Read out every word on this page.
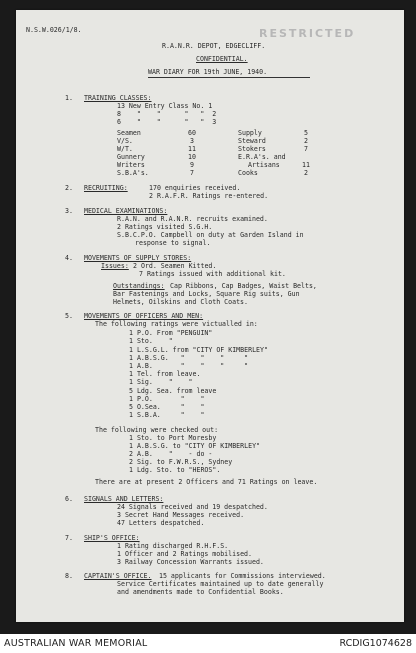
N.S.W.026/1/8.	RESTRICTED
R.A.N.R. DEPOT, EDGECLIFF.
CONFIDENTIAL.
WAR DIARY FOR 19th JUNE, 1940.
1. TRAINING CLASSES:
13 New Entry Class No. 1
8    "    "      "   "  2
6    "    "      "   "  3
Seamen	60	Supply	5
V/S.	3	Steward	2
W/T.	11	Stokers	7
Gunnery	10	E.R.A's. and
Writers	9	Artisans	11
S.B.A's.	7	Cooks	2
2. RECRUITING:	170 enquiries received.
2 R.A.F.R. Ratings re-entered.
3. MEDICAL EXAMINATIONS:
R.A.N. and R.A.N.R. recruits examined.
2 Ratings visited S.G.H.
S.B.C.P.O. Campbell on duty at Garden Island in
response to signal.
4. MOVEMENTS OF SUPPLY STORES:
Issues: 2 Ord. Seamen Kitted.
7 Ratings issued with additional kit.
Outstandings: Cap Ribbons, Cap Badges, Waist Belts,
Bar Fastenings and Locks, Square Rig suits, Gun
Helmets, Oilskins and Cloth Coats.
5. MOVEMENTS OF OFFICERS AND MEN:
The following ratings were victualled in:
1 P.O. From "PENGUIN"
1 Sto.    "
1 L.S.G.L. from "CITY OF KIMBERLEY"
1 A.B.S.G.   "    "    "     "
1 A.B.       "    "    "     "
1 Tel. from leave.
1 Sig.    "    "
5 Ldg. Sea. from leave
1 P.O.       "    "
5 O.Sea.     "    "
1 S.B.A.     "    "
The following were checked out:
1 Sto. to Port Moresby
1 A.B.S.G. to "CITY OF KIMBERLEY"
2 A.B.    "    - do -
2 Sig. to F.W.R.S., Sydney
1 Ldg. Sto. to "HEROS".
There are at present 2 Officers and 71 Ratings on leave.
6. SIGNALS AND LETTERS:
24 Signals received and 19 despatched.
3 Secret Hand Messages received.
47 Letters despatched.
7. SHIP'S OFFICE:
1 Rating discharged R.H.F.S.
1 Officer and 2 Ratings mobilised.
3 Railway Concession Warrants issued.
8. CAPTAIN'S OFFICE. 15 applicants for Commissions interviewed.
Service Certificates maintained up to date generally
and amendments made to Confidential Books.
AUSTRALIAN WAR MEMORIAL	RCDIG1074628
